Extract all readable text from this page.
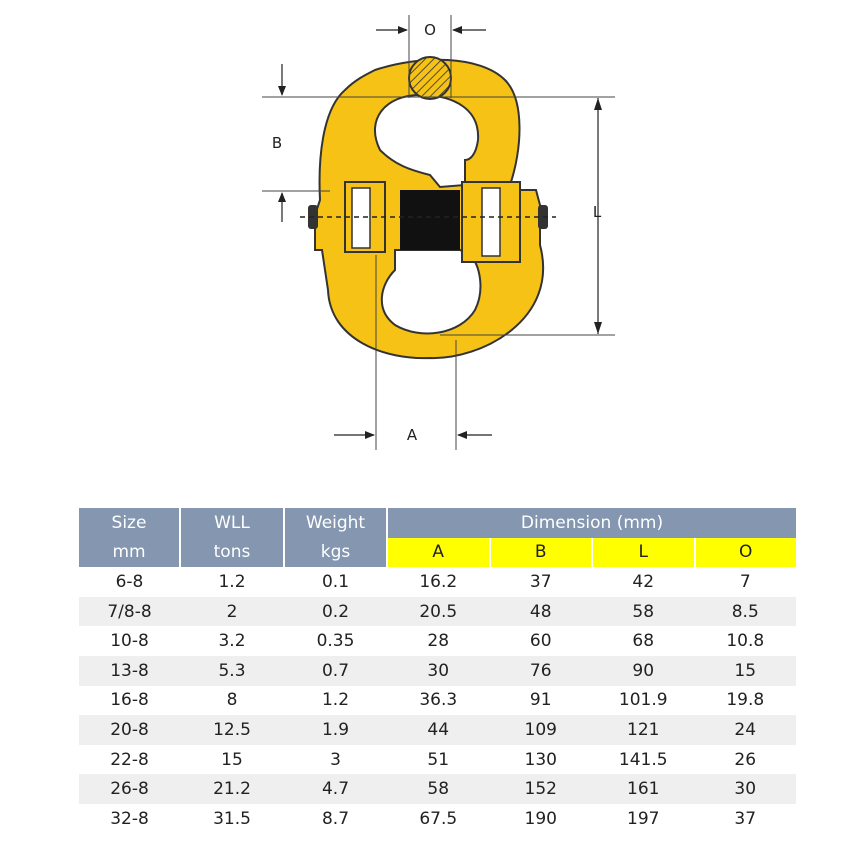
O
B
L
A
Size	WLL	Weight	Dimension (mm)			
mm	tons	kgs	A	B	L	O
6-8	1.2	0.1	16.2	37	42	7
7/8-8	2	0.2	20.5	48	58	8.5
10-8	3.2	0.35	28	60	68	10.8
13-8	5.3	0.7	30	76	90	15
16-8	8	1.2	36.3	91	101.9	19.8
20-8	12.5	1.9	44	109	121	24
22-8	15	3	51	130	141.5	26
26-8	21.2	4.7	58	152	161	30
32-8	31.5	8.7	67.5	190	197	37
